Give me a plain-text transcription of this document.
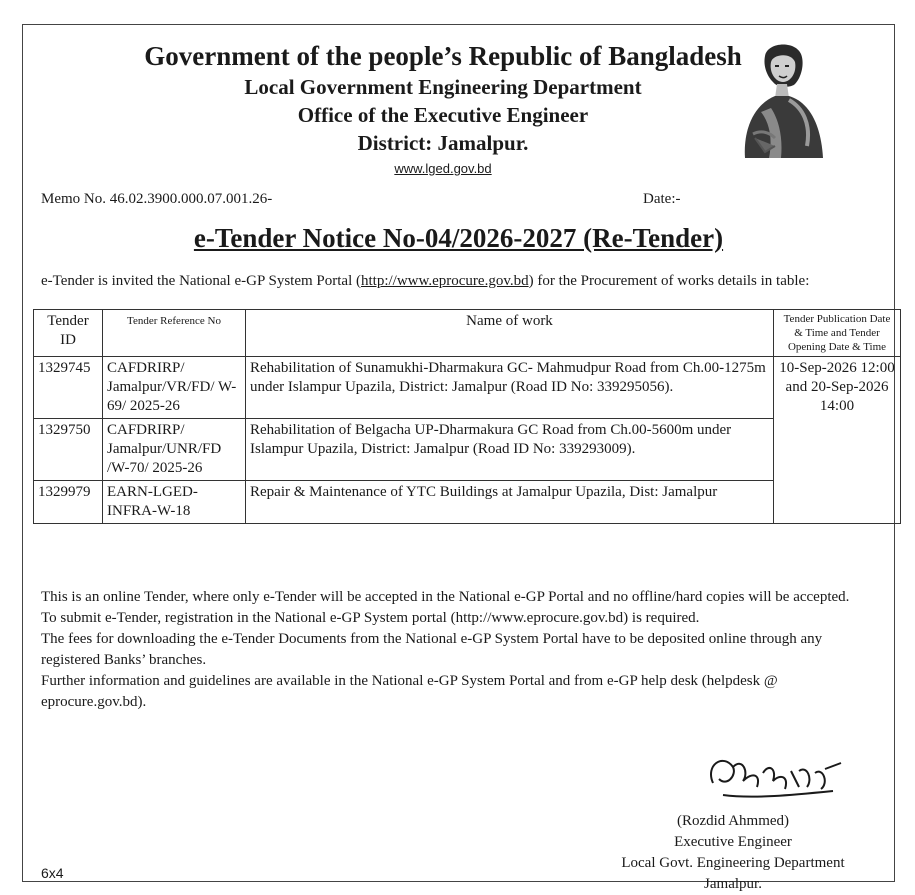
Government of the people’s Republic of Bangladesh
Local Government Engineering Department
Office of the Executive Engineer
District: Jamalpur.
www.lged.gov.bd
Memo No. 46.02.3900.000.07.001.26-	Date:-
e-Tender Notice No-04/2026-2027 (Re-Tender)
e-Tender is invited the National e-GP System Portal (http://www.eprocure.gov.bd) for the Procurement of works details in table:
Tender ID	Tender Reference No	Name of work	Tender Publication Date & Time and Tender Opening Date & Time
1329745	CAFDRIRP/ Jamalpur/VR/FD/ W-69/ 2025-26	Rehabilitation of Sunamukhi-Dharmakura GC- Mahmudpur Road from Ch.00-1275m under Islampur Upazila, District: Jamalpur (Road ID No: 339295056).	10-Sep-2026 12:00 and 20-Sep-2026 14:00
1329750	CAFDRIRP/ Jamalpur/UNR/FD /W-70/ 2025-26	Rehabilitation of Belgacha UP-Dharmakura GC Road from Ch.00-5600m under Islampur Upazila, District: Jamalpur (Road ID No: 339293009).	
1329979	EARN-LGED-INFRA-W-18	Repair & Maintenance of YTC Buildings at Jamalpur Upazila, Dist: Jamalpur	

This is an online Tender, where only e-Tender will be accepted in the National e-GP Portal and no offline/hard copies will be accepted.

To submit e-Tender, registration in the National e-GP System portal (http://www.eprocure.gov.bd) is required.

The fees for downloading the e-Tender Documents from the National e-GP System Portal have to be deposited online through any registered Banks’ branches.

Further information and guidelines are available in the National e-GP System Portal and from e-GP help desk (helpdesk @ eprocure.gov.bd).

(Rozdid Ahmmed)
Executive Engineer
Local Govt. Engineering Department
Jamalpur.
6x4
